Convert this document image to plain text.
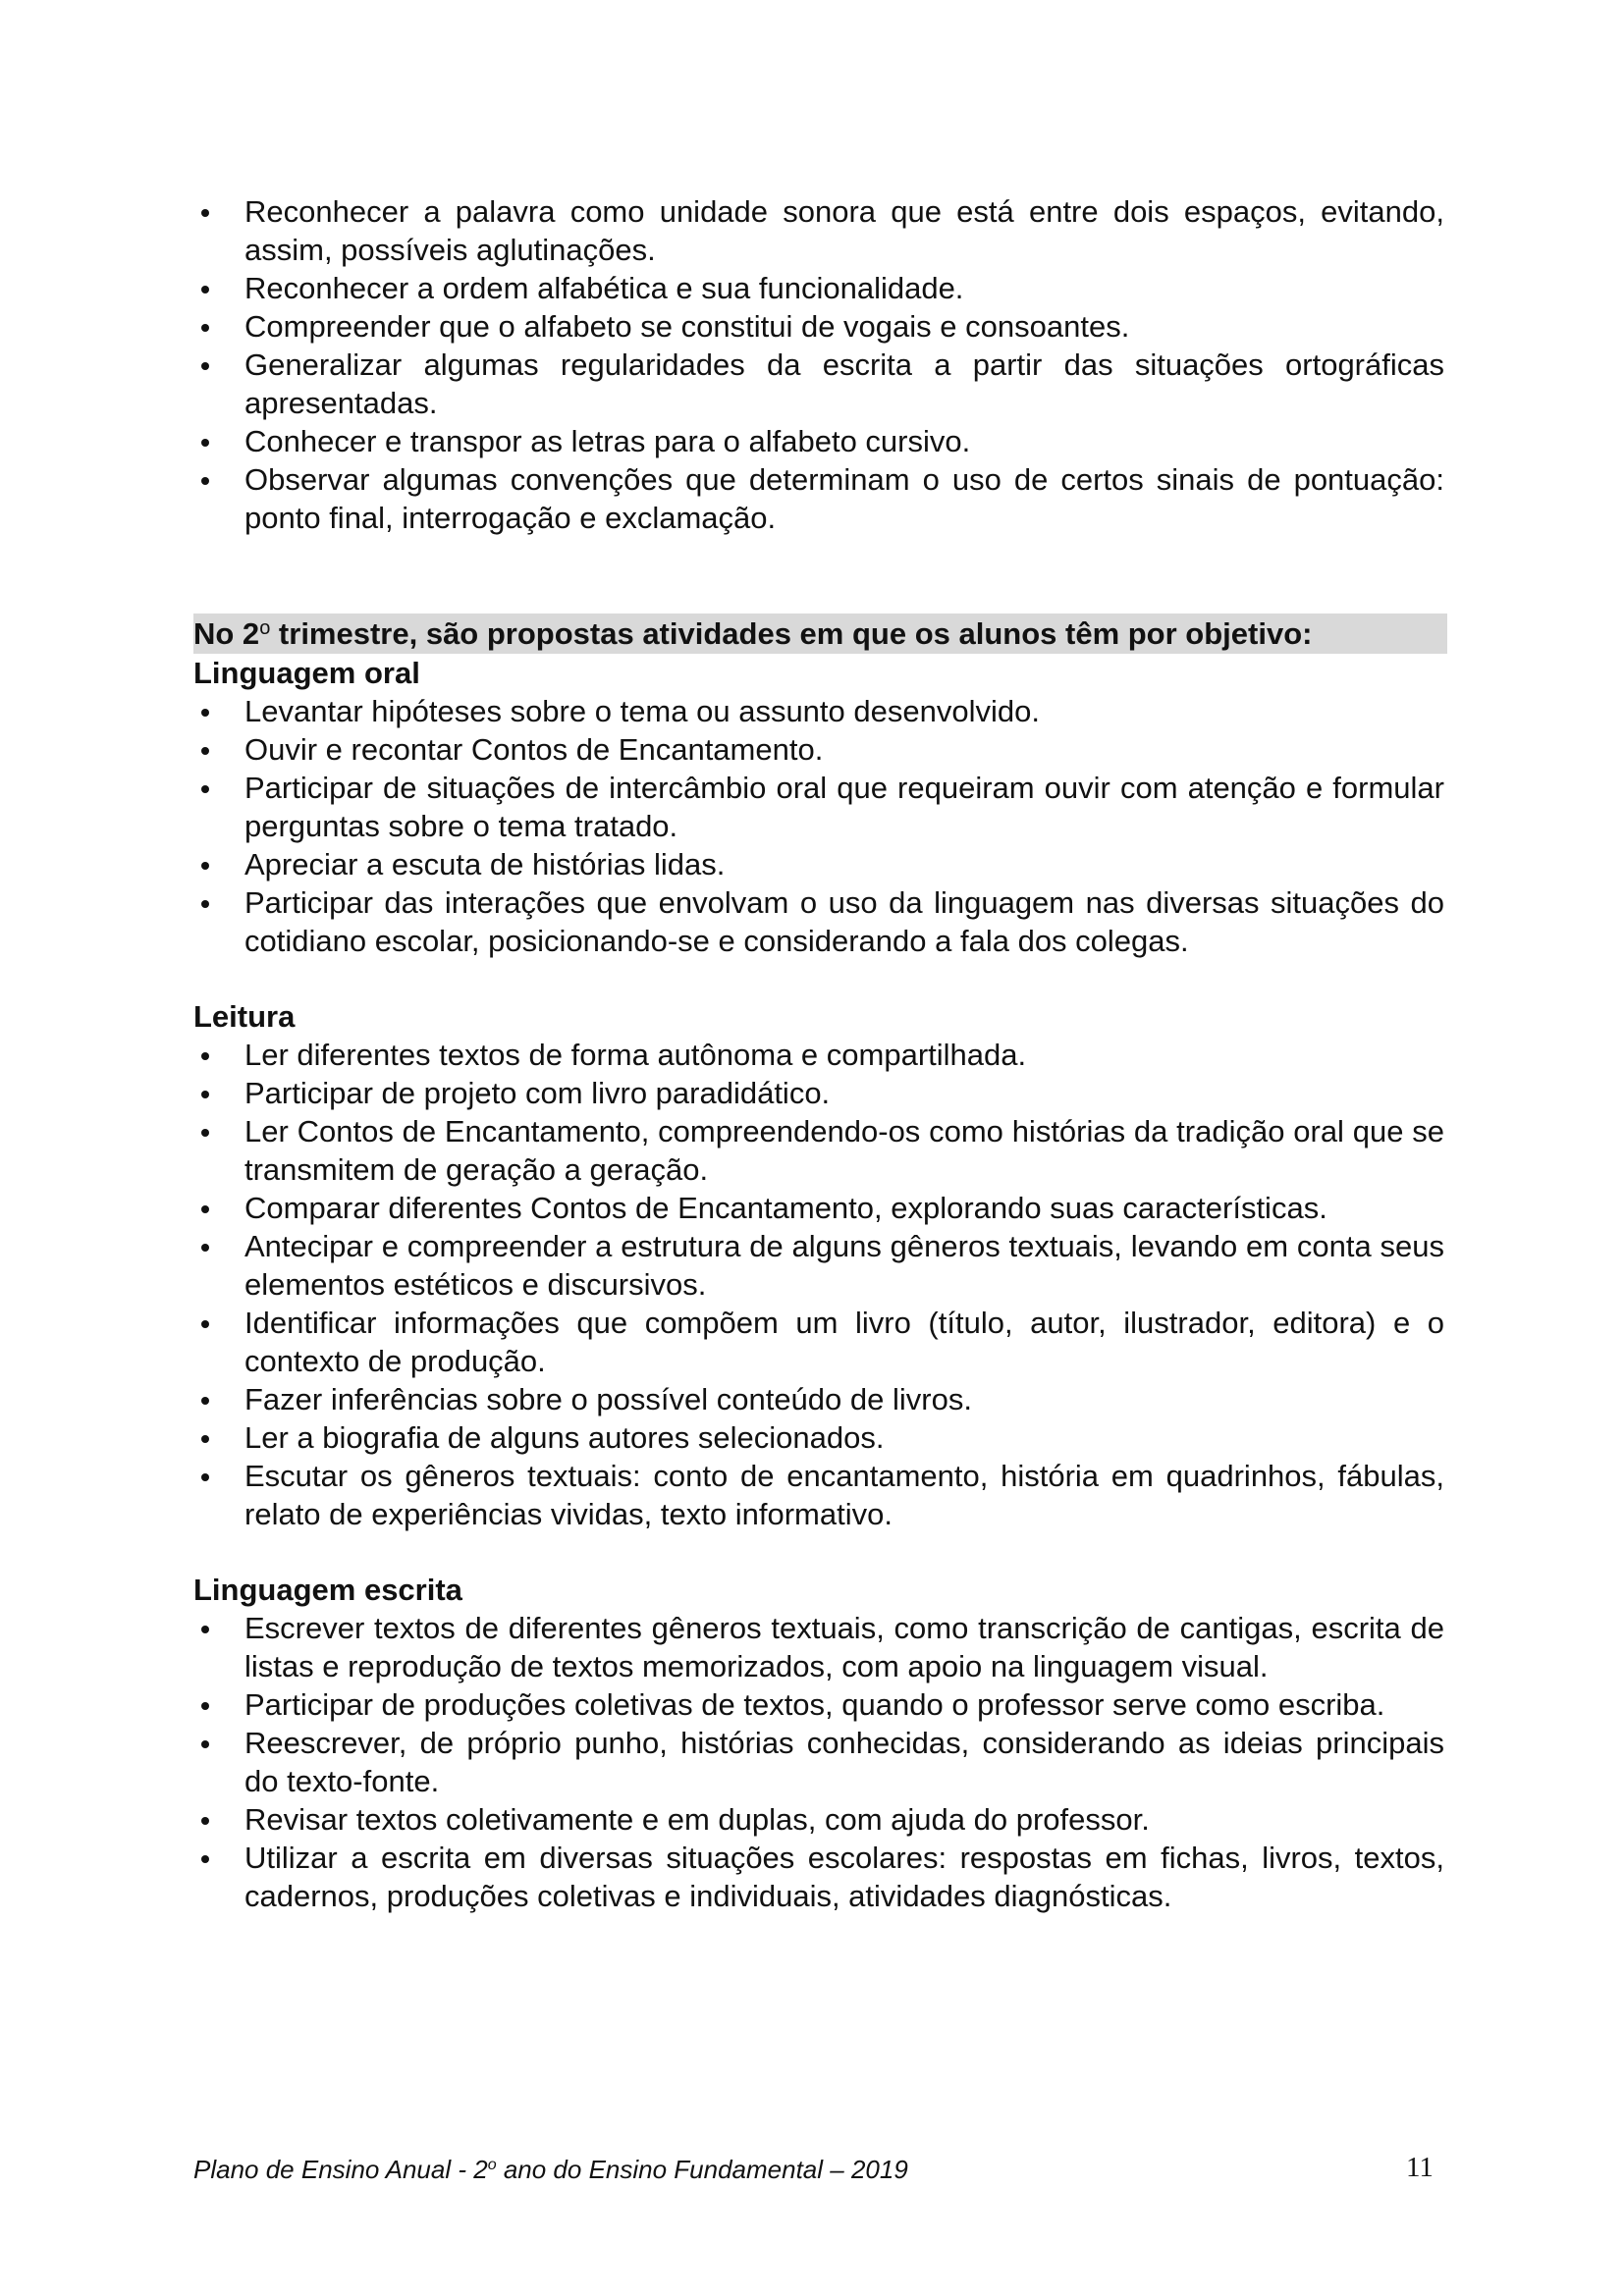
Reconhecer a palavra como unidade sonora que está entre dois espaços, evitando, assim, possíveis aglutinações.
Reconhecer a ordem alfabética e sua funcionalidade.
Compreender que o alfabeto se constitui de vogais e consoantes.
Generalizar algumas regularidades da escrita a partir das situações ortográficas apresentadas.
Conhecer e transpor as letras para o alfabeto cursivo.
Observar algumas convenções que determinam o uso de certos sinais de pontuação: ponto final, interrogação e exclamação.
No 2$^o$ trimestre, são propostas atividades em que os alunos têm por objetivo:
Linguagem oral
Levantar hipóteses sobre o tema ou assunto desenvolvido.
Ouvir e recontar Contos de Encantamento.
Participar de situações de intercâmbio oral que requeiram ouvir com atenção e formular perguntas sobre o tema tratado.
Apreciar a escuta de histórias lidas.
Participar das interações que envolvam o uso da linguagem nas diversas situações do cotidiano escolar, posicionando-se e considerando a fala dos colegas.
Leitura
Ler diferentes textos de forma autônoma e compartilhada.
Participar de projeto com livro paradidático.
Ler Contos de Encantamento, compreendendo-os como histórias da tradição oral que se transmitem de geração a geração.
Comparar diferentes Contos de Encantamento, explorando suas características.
Antecipar e compreender a estrutura de alguns gêneros textuais, levando em conta seus elementos estéticos e discursivos.
Identificar informações que compõem um livro (título, autor, ilustrador, editora) e o contexto de produção.
Fazer inferências sobre o possível conteúdo de livros.
Ler a biografia de alguns autores selecionados.
Escutar os gêneros textuais: conto de encantamento, história em quadrinhos, fábulas, relato de experiências vividas, texto informativo.
Linguagem escrita
Escrever textos de diferentes gêneros textuais, como transcrição de cantigas, escrita de listas e reprodução de textos memorizados, com apoio na linguagem visual.
Participar de produções coletivas de textos, quando o professor serve como escriba.
Reescrever, de próprio punho, histórias conhecidas, considerando as ideias principais do texto-fonte.
Revisar textos coletivamente e em duplas, com ajuda do professor.
Utilizar a escrita em diversas situações escolares: respostas em fichas, livros, textos, cadernos, produções coletivas e individuais, atividades diagnósticas.
Plano de Ensino Anual - 2$^o$ ano do Ensino Fundamental – 2019	11
